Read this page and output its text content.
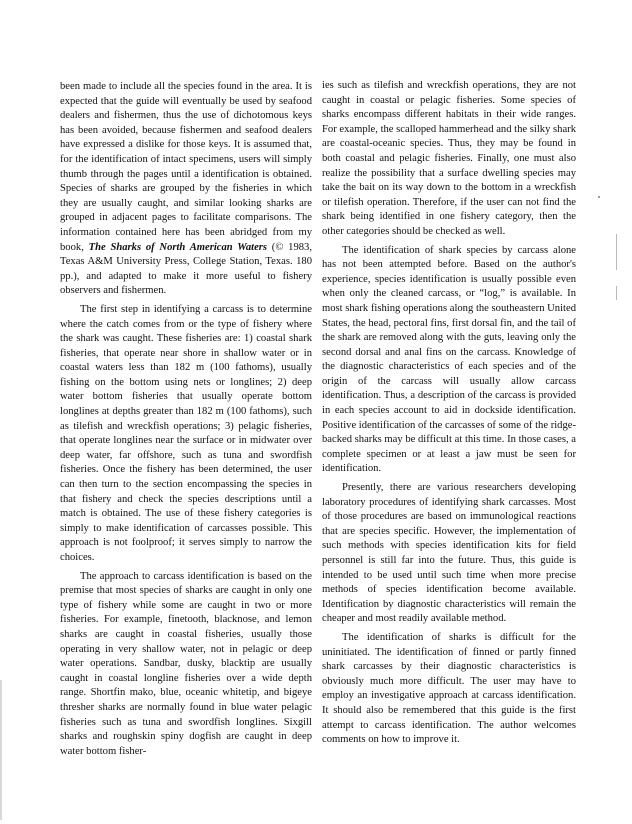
been made to include all the species found in the area. It is expected that the guide will eventually be used by seafood dealers and fishermen, thus the use of dichotomous keys has been avoided, because fishermen and seafood dealers have expressed a dislike for those keys. It is assumed that, for the identification of intact specimens, users will simply thumb through the pages until a identification is obtained. Species of sharks are grouped by the fisheries in which they are usually caught, and similar looking sharks are grouped in adjacent pages to facilitate comparisons. The information contained here has been abridged from my book, The Sharks of North American Waters (© 1983, Texas A&M University Press, College Station, Texas. 180 pp.), and adapted to make it more useful to fishery observers and fishermen.

The first step in identifying a carcass is to determine where the catch comes from or the type of fishery where the shark was caught. These fisheries are: 1) coastal shark fisheries, that operate near shore in shallow water or in coastal waters less than 182 m (100 fathoms), usually fishing on the bottom using nets or longlines; 2) deep water bottom fisheries that usually operate bottom longlines at depths greater than 182 m (100 fathoms), such as tilefish and wreckfish operations; 3) pelagic fisheries, that operate longlines near the surface or in midwater over deep water, far offshore, such as tuna and swordfish fisheries. Once the fishery has been determined, the user can then turn to the section encompassing the species in that fishery and check the species descriptions until a match is obtained. The use of these fishery categories is simply to make identification of carcasses possible. This approach is not foolproof; it serves simply to narrow the choices.

The approach to carcass identification is based on the premise that most species of sharks are caught in only one type of fishery while some are caught in two or more fisheries. For example, finetooth, blacknose, and lemon sharks are caught in coastal fisheries, usually those operating in very shallow water, not in pelagic or deep water operations. Sandbar, dusky, blacktip are usually caught in coastal longline fisheries over a wide depth range. Shortfin mako, blue, oceanic whitetip, and bigeye thresher sharks are normally found in blue water pelagic fisheries such as tuna and swordfish longlines. Sixgill sharks and roughskin spiny dogfish are caught in deep water bottom fisher-

ies such as tilefish and wreckfish operations, they are not caught in coastal or pelagic fisheries. Some species of sharks encompass different habitats in their wide ranges. For example, the scalloped hammerhead and the silky shark are coastal-oceanic species. Thus, they may be found in both coastal and pelagic fisheries. Finally, one must also realize the possibility that a surface dwelling species may take the bait on its way down to the bottom in a wreckfish or tilefish operation. Therefore, if the user can not find the shark being identified in one fishery category, then the other categories should be checked as well.

The identification of shark species by carcass alone has not been attempted before. Based on the author's experience, species identification is usually possible even when only the cleaned carcass, or “log,” is available. In most shark fishing operations along the southeastern United States, the head, pectoral fins, first dorsal fin, and the tail of the shark are removed along with the guts, leaving only the second dorsal and anal fins on the carcass. Knowledge of the diagnostic characteristics of each species and of the origin of the carcass will usually allow carcass identification. Thus, a description of the carcass is provided in each species account to aid in dockside identification. Positive identification of the carcasses of some of the ridge-backed sharks may be difficult at this time. In those cases, a complete specimen or at least a jaw must be seen for identification.

Presently, there are various researchers developing laboratory procedures of identifying shark carcasses. Most of those procedures are based on immunological reactions that are species specific. However, the implementation of such methods with species identification kits for field personnel is still far into the future. Thus, this guide is intended to be used until such time when more precise methods of species identification become available. Identification by diagnostic characteristics will remain the cheaper and most readily available method.

The identification of sharks is difficult for the uninitiated. The identification of finned or partly finned shark carcasses by their diagnostic characteristics is obviously much more difficult. The user may have to employ an investigative approach at carcass identification. It should also be remembered that this guide is the first attempt to carcass identification. The author welcomes comments on how to improve it.
